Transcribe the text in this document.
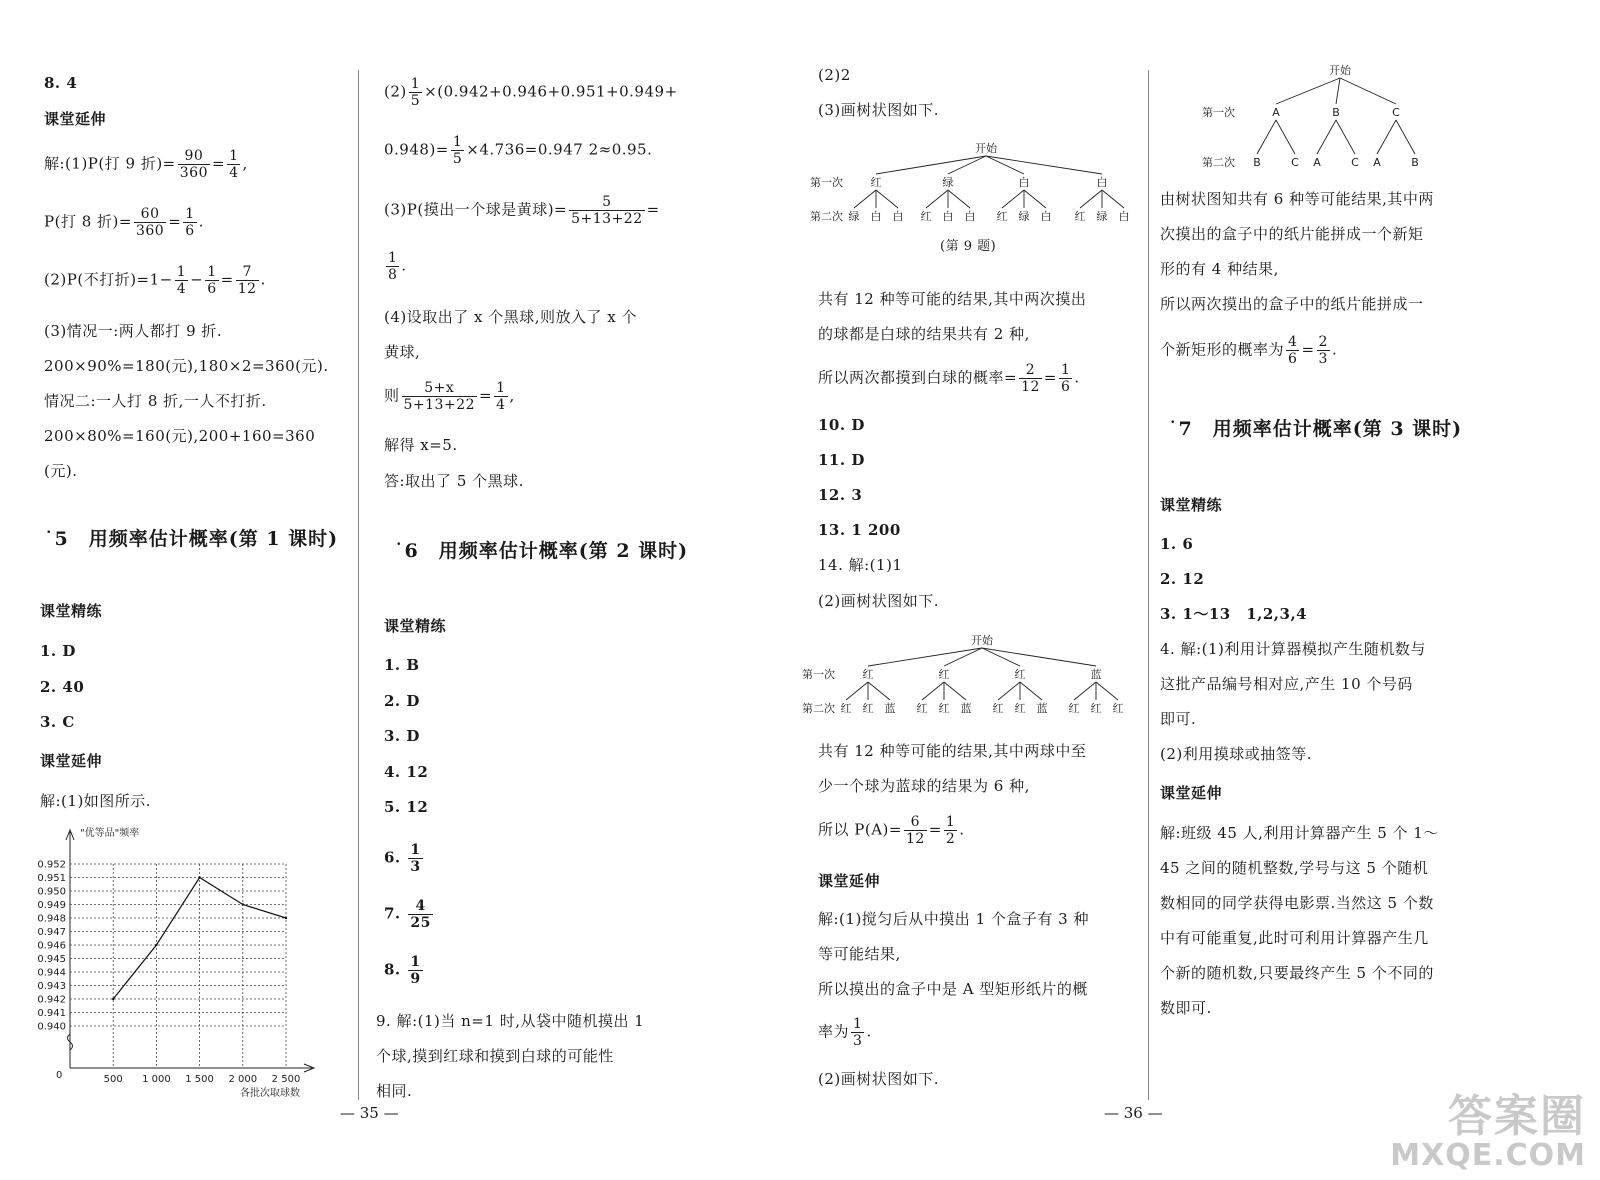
8. 4
课堂延伸
解:(1)P(打 9 折)= $\frac{90}{360} = \frac{1}{4}$ ,
P(打 8 折)= $\frac{60}{360} = \frac{1}{6}$ .
(2)P(不打折)$=1- \frac{1}{4} - \frac{1}{6} = \frac{7}{12}$ .
(3)情况一:两人都打 9 折.
200×90%=180(元),180×2=360(元).
情况二:一人打 8 折,一人不打折.
200×80%=160(元),200+160=360
(元).
˙5　用频率估计概率(第 1 课时)
课堂精练
1. D
2. 40
3. C
课堂延伸
解:(1)如图所示.
"优等品"频率
各批次取球数
0
0.940
0.941
0.942
0.943
0.944
0.945
0.946
0.947
0.948
0.949
0.950
0.951
0.952
500 1 000 1 500 2 000 2 500
$(2) \frac{1}{5} \times(0.942+0.946+0.951+0.949+$
$0.948)= \frac{1}{5} \times 4.736=0.947$ 2≈0.95.
(3)P(摸出一个球是黄球)= $\frac{5}{5+13+22}$ =
$\frac{1}{8}$ .
(4)设取出了 x 个黑球,则放入了 x 个
黄球,
则 $\frac{5+x}{5+13+22} = \frac{1}{4}$ ,
解得 x=5.
答:取出了 5 个黑球.
˙6　用频率估计概率(第 2 课时)
课堂精练
1. B
2. D
3. D
4. 12
5. 12
6. $\frac{1}{3}$
7. $\frac{4}{25}$
8. $\frac{1}{9}$
9. 解:(1)当 n=1 时,从袋中随机摸出 1
个球,摸到红球和摸到白球的可能性
相同.
— 35 —
(2)2
(3)画树状图如下.
开始
第一次
第二次
红
绿 白 白
绿
红 白 白
白
红 绿 白
白
红 绿 白
(第 9 题)
共有 12 种等可能的结果,其中两次摸出
的球都是白球的结果共有 2 种,
所以两次都摸到白球的概率= $\frac{2}{12} = \frac{1}{6}$ .
10. D
11. D
12. 3
13. 1 200
14. 解:(1)1
(2)画树状图如下.
开始
第一次
第二次
红
红 红 蓝
红
红 红 蓝
红
红 红 蓝
蓝
红 红 红
共有 12 种等可能的结果,其中两球中至
少一个球为蓝球的结果为 6 种,
所以 $P(A)= \frac{6}{12} = \frac{1}{2}$ .
课堂延伸
解:(1)搅匀后从中摸出 1 个盒子有 3 种
等可能结果,
所以摸出的盒子中是 A 型矩形纸片的概
率为 $\frac{1}{3}$ .
(2)画树状图如下.
开始
第一次
第二次
A
B	C
B
A	C
C
A	B
由树状图知共有 6 种等可能结果,其中两
次摸出的盒子中的纸片能拼成一个新矩
形的有 4 种结果,
所以两次摸出的盒子中的纸片能拼成一
个新矩形的概率为 $\frac{4}{6} = \frac{2}{3}$ .
˙7　用频率估计概率(第 3 课时)
课堂精练
1. 6
2. 12
3. 1～13　1,2,3,4
4. 解:(1)利用计算器模拟产生随机数与
这批产品编号相对应,产生 10 个号码
即可.
(2)利用摸球或抽签等.
课堂延伸
解:班级 45 人,利用计算器产生 5 个 1～
45 之间的随机整数,学号与这 5 个随机
数相同的同学获得电影票.当然这 5 个数
中有可能重复,此时可利用计算器产生几
个新的随机数,只要最终产生 5 个不同的
数即可.
— 36 —	答案圈
MXQE.COM
